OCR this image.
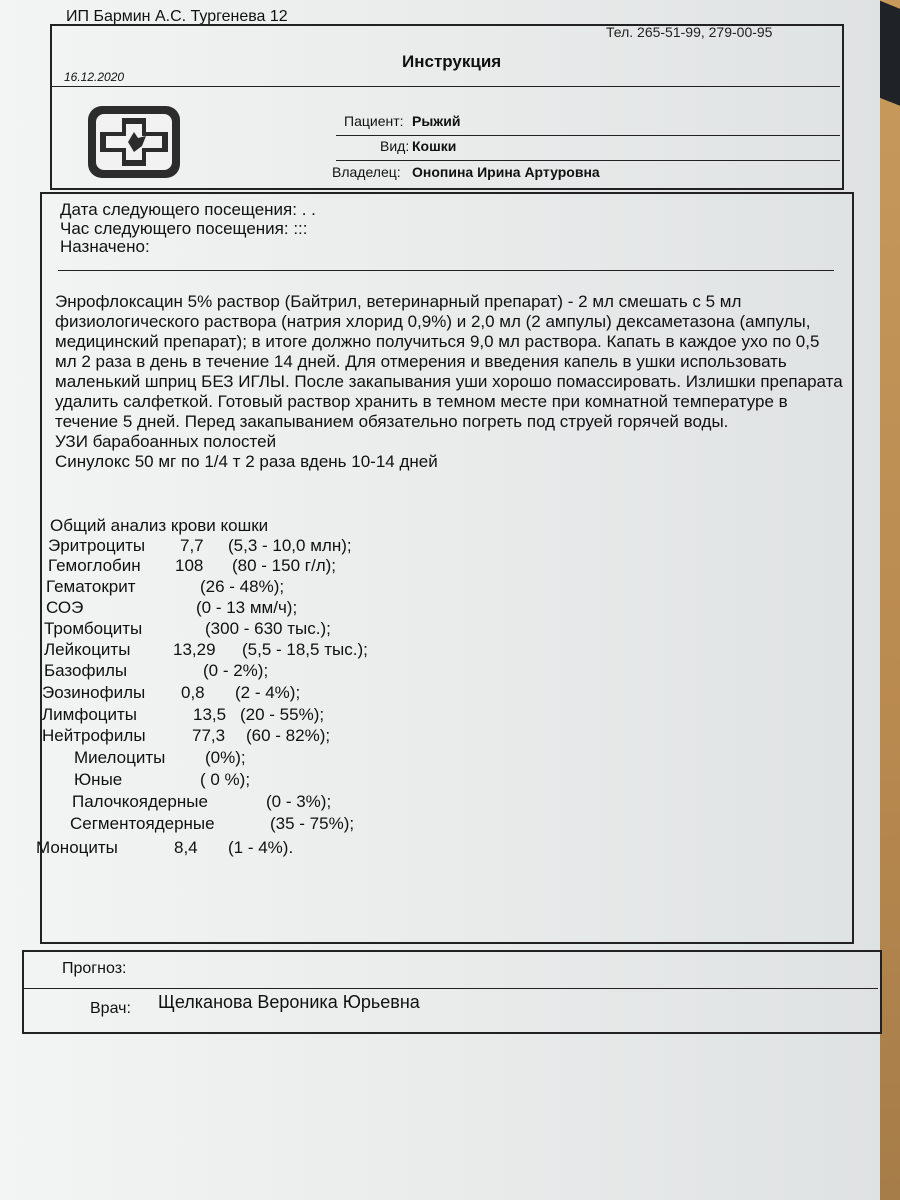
ИП Бармин А.С. Тургенева 12
Тел. 265-51-99, 279-00-95
Инструкция
16.12.2020
Пациент: Рыжий
Вид: Кошки
Владелец: Онопина Ирина Артуровна
Дата следующего посещения: . .
Час следующего посещения: :::
Назначено:

Энрофлоксацин 5% раствор (Байтрил, ветеринарный препарат) - 2 мл смешать с 5 мл физиологического раствора (натрия хлорид 0,9%) и 2,0 мл (2 ампулы) дексаметазона (ампулы, медицинский препарат); в итоге должно получиться 9,0 мл раствора. Капать в каждое ухо по 0,5 мл 2 раза в день в течение 14 дней. Для отмерения и введения капель в ушки использовать маленький шприц БЕЗ ИГЛЫ. После закапывания уши хорошо помассировать. Излишки препарата удалить салфеткой. Готовый раствор хранить в темном месте при комнатной температуре в течение 5 дней. Перед закапыванием обязательно погреть под струей горячей воды.

УЗИ барабоанных полостей

Синулокс 50 мг по 1/4 т 2 раза вдень 10-14 дней

Общий анализ крови кошки
Эритроциты 7,7 (5,3 - 10,0 млн);
Гемоглобин 108 (80 - 150 г/л);
Гематокрит	(26 - 48%);
СОЭ	(0 - 13 мм/ч);
Тромбоциты	(300 - 630 тыс.);
Лейкоциты	13,29 (5,5 - 18,5 тыс.);
Базофилы	(0 - 2%);
Эозинофилы 0,8 (2 - 4%);
Лимфоциты	13,5 (20 - 55%);
Нейтрофилы	77,3 (60 - 82%);
Миелоциты (0%);
Юные	( 0 %);
Палочкоядерные	(0 - 3%);
Сегментоядерные	(35 - 75%);
Моноциты	8,4 (1 - 4%).
Прогноз:
Врач: Щелканова Вероника Юрьевна
